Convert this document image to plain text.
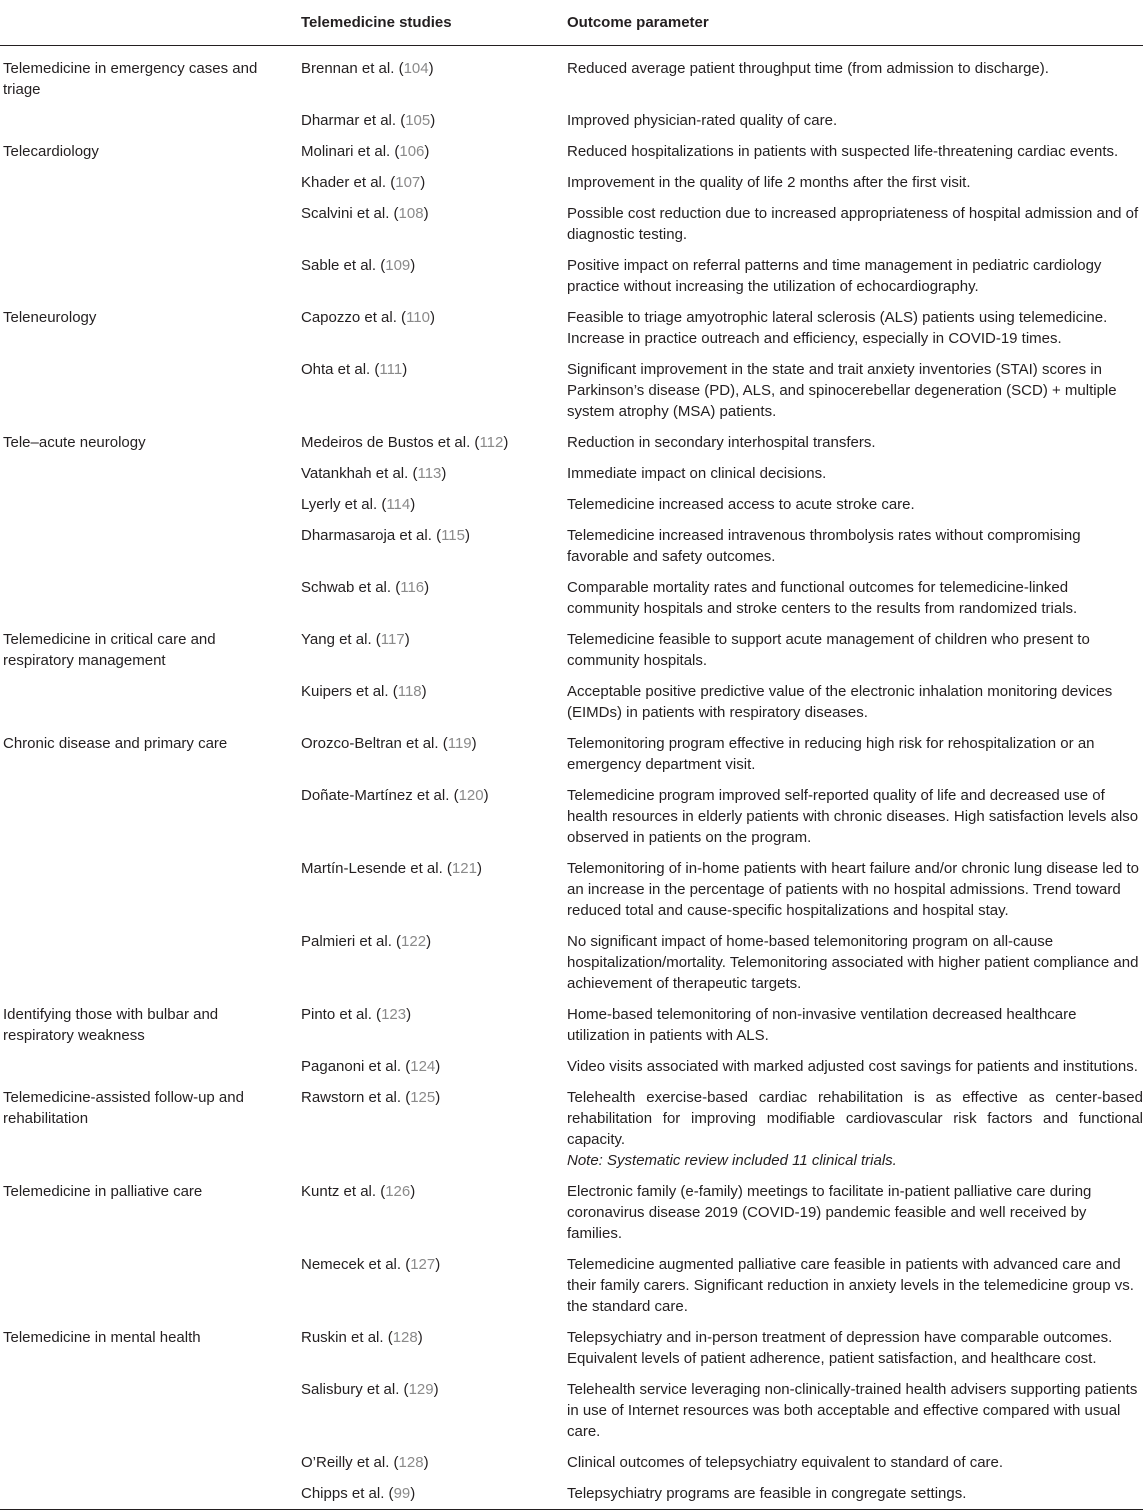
	Telemedicine studies	Outcome parameter
Telemedicine in emergency cases and triage	Brennan et al. (104)	Reduced average patient throughput time (from admission to discharge).
	Dharmar et al. (105)	Improved physician-rated quality of care.
Telecardiology	Molinari et al. (106)	Reduced hospitalizations in patients with suspected life-threatening cardiac events.
	Khader et al. (107)	Improvement in the quality of life 2 months after the first visit.
	Scalvini et al. (108)	Possible cost reduction due to increased appropriateness of hospital admission and of diagnostic testing.
	Sable et al. (109)	Positive impact on referral patterns and time management in pediatric cardiology practice without increasing the utilization of echocardiography.
Teleneurology	Capozzo et al. (110)	Feasible to triage amyotrophic lateral sclerosis (ALS) patients using telemedicine. Increase in practice outreach and efficiency, especially in COVID-19 times.
	Ohta et al. (111)	Significant improvement in the state and trait anxiety inventories (STAI) scores in Parkinson’s disease (PD), ALS, and spinocerebellar degeneration (SCD) + multiple system atrophy (MSA) patients.
Tele–acute neurology	Medeiros de Bustos et al. (112)	Reduction in secondary interhospital transfers.
	Vatankhah et al. (113)	Immediate impact on clinical decisions.
	Lyerly et al. (114)	Telemedicine increased access to acute stroke care.
	Dharmasaroja et al. (115)	Telemedicine increased intravenous thrombolysis rates without compromising favorable and safety outcomes.
	Schwab et al. (116)	Comparable mortality rates and functional outcomes for telemedicine-linked community hospitals and stroke centers to the results from randomized trials.
Telemedicine in critical care and respiratory management	Yang et al. (117)	Telemedicine feasible to support acute management of children who present to community hospitals.
	Kuipers et al. (118)	Acceptable positive predictive value of the electronic inhalation monitoring devices (EIMDs) in patients with respiratory diseases.
Chronic disease and primary care	Orozco-Beltran et al. (119)	Telemonitoring program effective in reducing high risk for rehospitalization or an emergency department visit.
	Doñate-Martínez et al. (120)	Telemedicine program improved self-reported quality of life and decreased use of health resources in elderly patients with chronic diseases. High satisfaction levels also observed in patients on the program.
	Martín-Lesende et al. (121)	Telemonitoring of in-home patients with heart failure and/or chronic lung disease led to an increase in the percentage of patients with no hospital admissions. Trend toward reduced total and cause-specific hospitalizations and hospital stay.
	Palmieri et al. (122)	No significant impact of home-based telemonitoring program on all-cause hospitalization/mortality. Telemonitoring associated with higher patient compliance and achievement of therapeutic targets.
Identifying those with bulbar and respiratory weakness	Pinto et al. (123)	Home-based telemonitoring of non-invasive ventilation decreased healthcare utilization in patients with ALS.
	Paganoni et al. (124)	Video visits associated with marked adjusted cost savings for patients and institutions.
Telemedicine-assisted follow-up and rehabilitation	Rawstorn et al. (125)	Telehealth exercise-based cardiac rehabilitation is as effective as center-based rehabilitation for improving modifiable cardiovascular risk factors and functional capacity.
Note: Systematic review included 11 clinical trials.

Telemedicine in palliative care	Kuntz et al. (126)	Electronic family (e-family) meetings to facilitate in-patient palliative care during coronavirus disease 2019 (COVID-19) pandemic feasible and well received by families.
	Nemecek et al. (127)	Telemedicine augmented palliative care feasible in patients with advanced care and their family carers. Significant reduction in anxiety levels in the telemedicine group vs. the standard care.
Telemedicine in mental health	Ruskin et al. (128)	Telepsychiatry and in-person treatment of depression have comparable outcomes. Equivalent levels of patient adherence, patient satisfaction, and healthcare cost.
	Salisbury et al. (129)	Telehealth service leveraging non-clinically-trained health advisers supporting patients in use of Internet resources was both acceptable and effective compared with usual care.
	O’Reilly et al. (128)	Clinical outcomes of telepsychiatry equivalent to standard of care.
	Chipps et al. (99)	Telepsychiatry programs are feasible in congregate settings.
